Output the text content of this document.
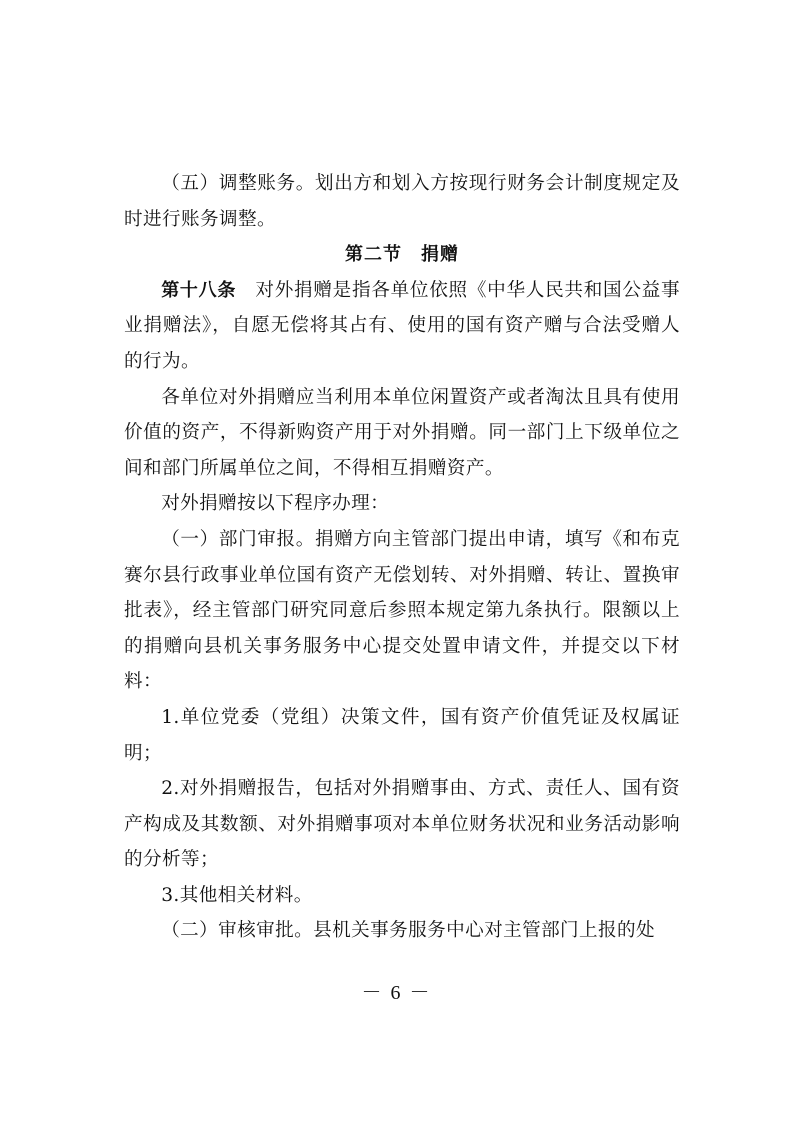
（五）调整账务。划出方和划入方按现行财务会计制度规定及时进行账务调整。

第二节　捐赠

第十八条　对外捐赠是指各单位依照《中华人民共和国公益事业捐赠法》，自愿无偿将其占有、使用的国有资产赠与合法受赠人的行为。

各单位对外捐赠应当利用本单位闲置资产或者淘汰且具有使用价值的资产，不得新购资产用于对外捐赠。同一部门上下级单位之间和部门所属单位之间，不得相互捐赠资产。

对外捐赠按以下程序办理：

（一）部门审报。捐赠方向主管部门提出申请，填写《和布克赛尔县行政事业单位国有资产无偿划转、对外捐赠、转让、置换审批表》，经主管部门研究同意后参照本规定第九条执行。限额以上的捐赠向县机关事务服务中心提交处置申请文件，并提交以下材料：

1.单位党委（党组）决策文件，国有资产价值凭证及权属证明；

2.对外捐赠报告，包括对外捐赠事由、方式、责任人、国有资产构成及其数额、对外捐赠事项对本单位财务状况和业务活动影响的分析等；

3.其他相关材料。

（二）审核审批。县机关事务服务中心对主管部门上报的处

－ 6 －
